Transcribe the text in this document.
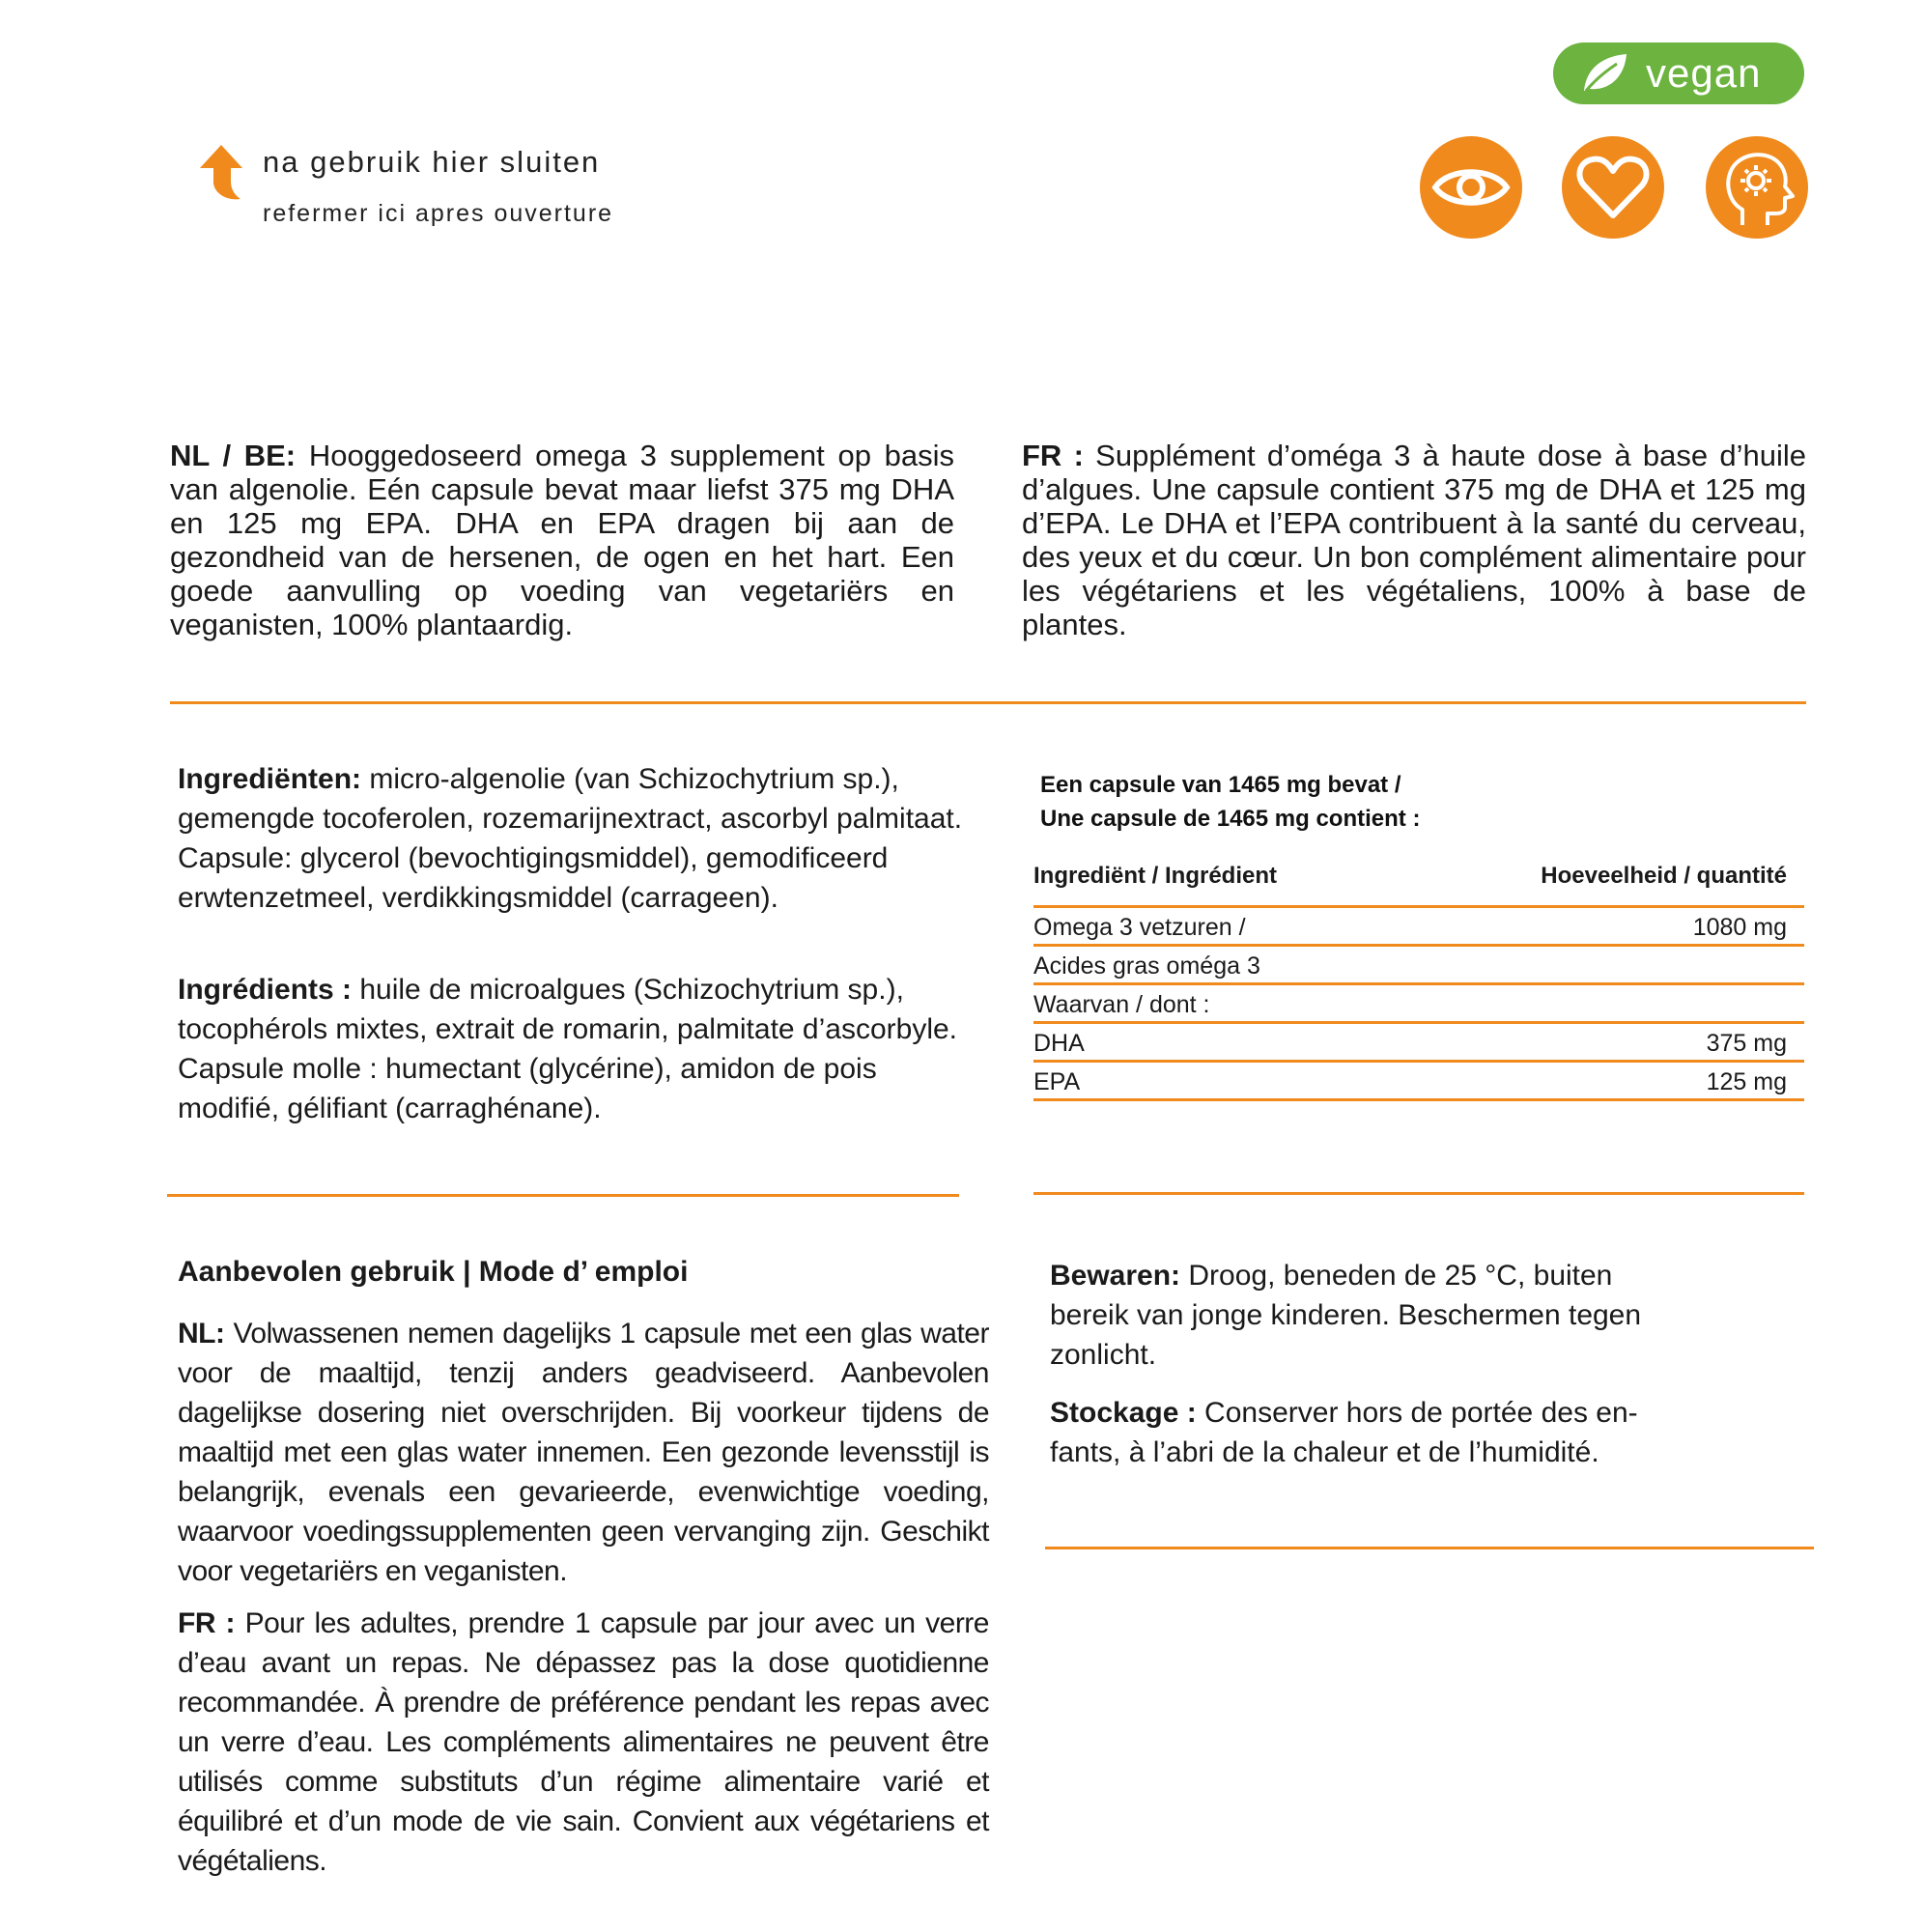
na gebruik hier sluiten
refermer ici apres ouverture
vegan
NL / BE: Hooggedoseerd omega 3 supplement op basis van algenolie. Eén capsule bevat maar liefst 375 mg DHA en 125 mg EPA. DHA en EPA dragen bij aan de gezondheid van de hersenen, de ogen en het hart. Een goede aanvulling op voeding van vegetariërs en veganisten, 100% plantaardig.
FR : Supplément d’oméga 3 à haute dose à base d’huile d’algues. Une capsule contient 375 mg de DHA et 125 mg d’EPA. Le DHA et l’EPA contribuent à la santé du cerveau, des yeux et du cœur. Un bon complément alimentaire pour les végétariens et les végétaliens, 100% à base de plantes.
Ingrediënten: micro-algenolie (van Schizochytrium sp.), gemengde tocoferolen, rozemarijnextract, ascorbyl palmitaat. Capsule: glycerol (bevochtigingsmiddel), gemodificeerd erwtenzetmeel, verdikkingsmiddel (carrageen).
Ingrédients : huile de microalgues (Schizochytrium sp.), tocophérols mixtes, extrait de romarin, palmitate d’ascorbyle. Capsule molle : humectant (glycérine), amidon de pois modifié, gélifiant (carraghénane).
Een capsule van 1465 mg bevat /
Une capsule de 1465 mg contient :
Ingrediënt / Ingrédient	Hoeveelheid / quantité
Omega 3 vetzuren /	1080 mg
Acides gras oméga 3
Waarvan / dont :
DHA	375 mg
EPA	125 mg
Aanbevolen gebruik | Mode d’ emploi
NL: Volwassenen nemen dagelijks 1 capsule met een glas water voor de maaltijd, tenzij anders geadviseerd. Aanbevolen dagelijkse dosering niet overschrijden. Bij voorkeur tijdens de maaltijd met een glas water innemen. Een gezonde levensstijl is belangrijk, evenals een gevarieerde, evenwichtige voeding, waarvoor voedingssupplementen geen vervanging zijn. Geschikt voor vegetariërs en veganisten.
FR : Pour les adultes, prendre 1 capsule par jour avec un verre d’eau avant un repas. Ne dépassez pas la dose quotidienne recommandée. À prendre de préférence pendant les repas avec un verre d’eau. Les compléments alimentaires ne peuvent être utilisés comme substituts d’un régime alimentaire varié et équilibré et d’un mode de vie sain. Convient aux végétariens et végétaliens.
Bewaren: Droog, beneden de 25 °C, buiten bereik van jonge kinderen. Beschermen tegen zonlicht.
Stockage : Conserver hors de portée des enfants, à l’abri de la chaleur et de l’humidité.
